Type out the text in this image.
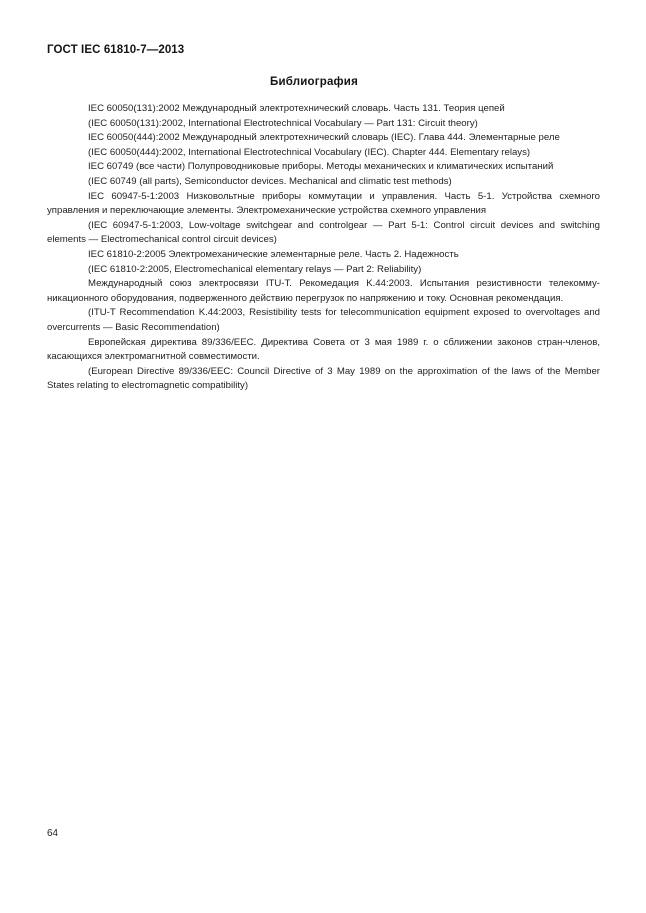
ГОСТ IEC 61810-7—2013
Библиография

IEC 60050(131):2002 Международный электротехнический словарь. Часть 131. Теория цепей

(IEC 60050(131):2002, International Electrotechnical Vocabulary — Part 131: Circuit theory)

IEC 60050(444):2002 Международный электротехнический словарь (IEC). Глава 444. Элементарные реле

(IEC 60050(444):2002, International Electrotechnical Vocabulary (IEC). Chapter 444. Elementary relays)

IEC 60749 (все части) Полупроводниковые приборы. Методы механических и климатических испытаний

(IEC 60749 (all parts), Semiconductor devices. Mechanical and climatic test methods)

IEC 60947-5-1:2003 Низковольтные приборы коммутации и управления. Часть 5-1. Устройства схемного управления и переключающие элементы. Электромеханические устройства схемного управления

(IEC 60947-5-1:2003, Low-voltage switchgear and controlgear — Part 5-1: Control circuit devices and switching elements — Electromechanical control circuit devices)

IEC 61810-2:2005 Электромеханические элементарные реле. Часть 2. Надежность

(IEC 61810-2:2005, Electromechanical elementary relays — Part 2: Reliability)

Международный союз электросвязи ITU-T. Рекомедация K.44:2003. Испытания резистивности телекомму-никационного оборудования, подверженного действию перегрузок по напряжению и току. Основная рекомендация.

(ITU-T Recommendation K.44:2003, Resistibility tests for telecommunication equipment exposed to overvoltages and overcurrents — Basic Recommendation)

Европейская директива 89/336/EEC. Директива Совета от 3 мая 1989 г. о сближении законов стран-членов, касающихся электромагнитной совместимости.

(European Directive 89/336/EEC: Council Directive of 3 May 1989 on the approximation of the laws of the Member States relating to electromagnetic compatibility)

64
